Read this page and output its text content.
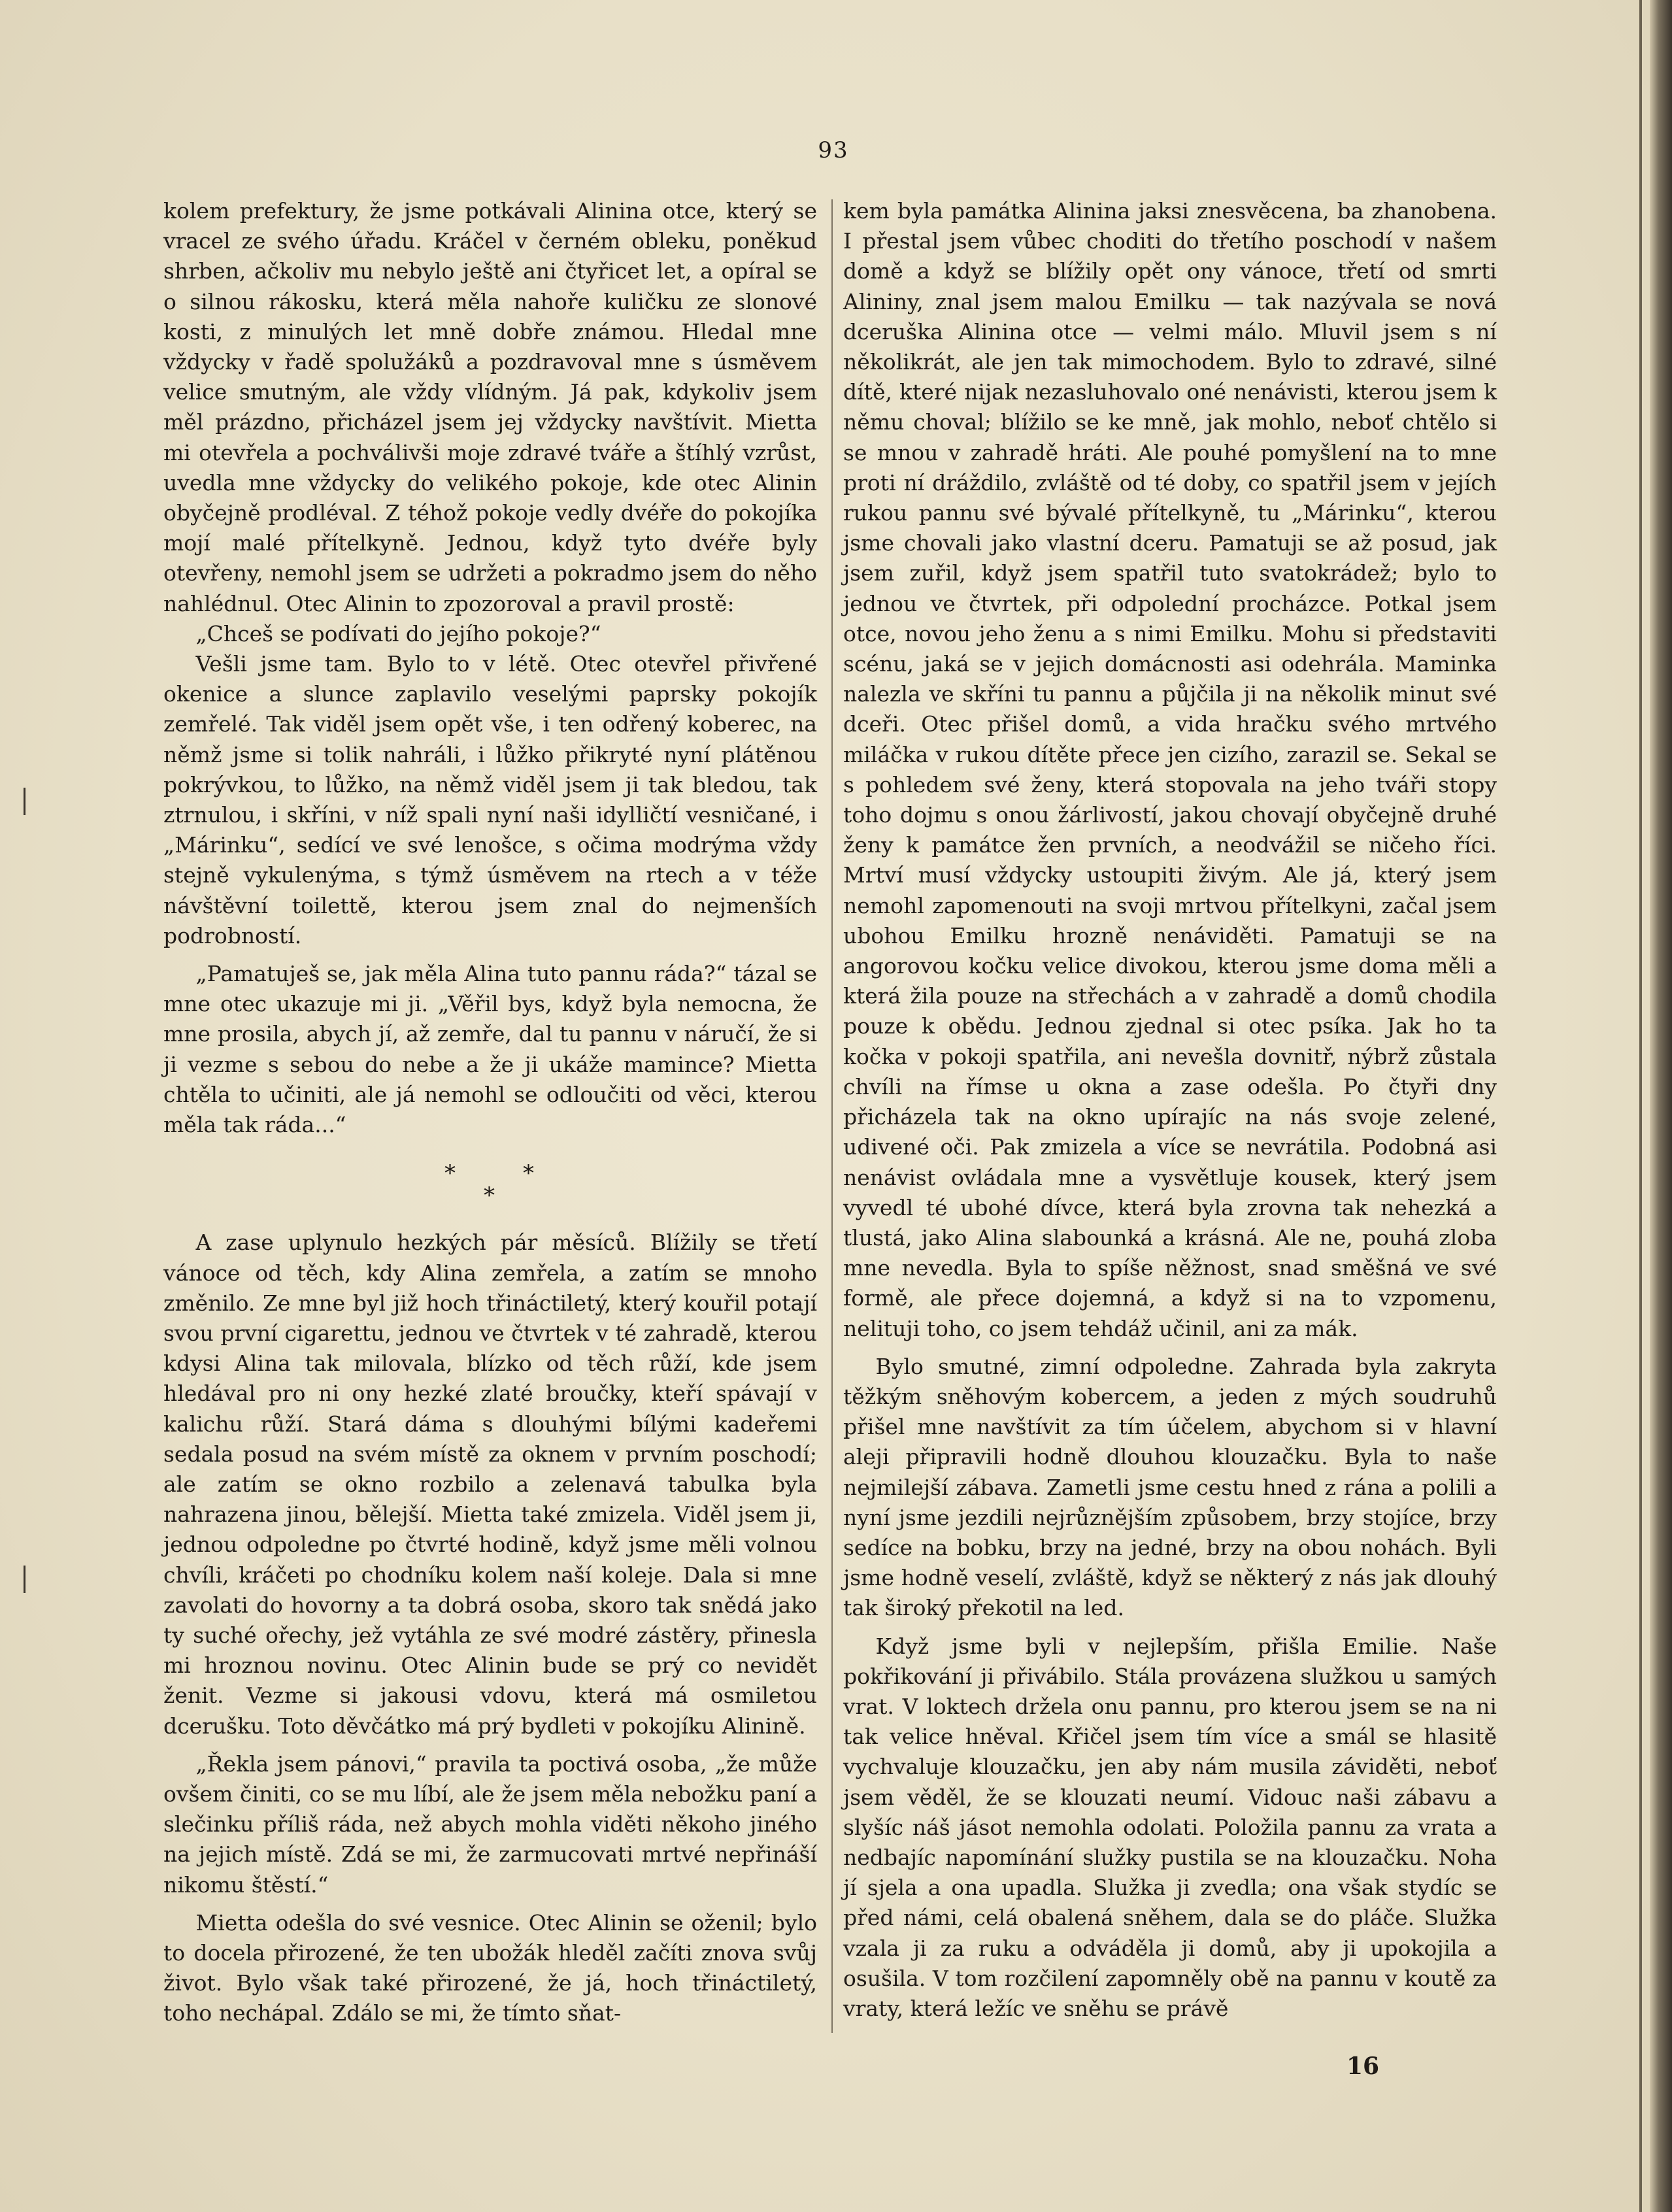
93

kolem prefektury, že jsme potkávali Alinina otce, který se vracel ze svého úřadu. Kráčel v černém obleku, poněkud shrben, ačkoliv mu nebylo ještě ani čtyřicet let, a opíral se o silnou rákosku, která měla nahoře kuličku ze slonové kosti, z minulých let mně dobře známou. Hledal mne vždycky v řadě spolužáků a pozdravoval mne s úsměvem velice smutným, ale vždy vlídným. Já pak, kdykoliv jsem měl prázdno, přicházel jsem jej vždycky navštívit. Mietta mi otevřela a pochválivši moje zdravé tváře a štíhlý vzrůst, uvedla mne vždycky do velikého pokoje, kde otec Alinin obyčejně prodléval. Z téhož pokoje vedly dvéře do pokojíka mojí malé přítelkyně. Jednou, když tyto dvéře byly otevřeny, nemohl jsem se udržeti a pokradmo jsem do něho nahlédnul. Otec Alinin to zpozoroval a pravil prostě:

„Chceš se podívati do jejího pokoje?“

Vešli jsme tam. Bylo to v létě. Otec otevřel přivřené okenice a slunce zaplavilo veselými paprsky pokojík zemřelé. Tak viděl jsem opět vše, i ten odřený koberec, na němž jsme si tolik nahráli, i lůžko přikryté nyní plátěnou pokrývkou, to lůžko, na němž viděl jsem ji tak bledou, tak ztrnulou, i skříni, v níž spali nyní naši idylličtí vesničané, i „Márinku“, sedící ve své lenošce, s očima modrýma vždy stejně vykulenýma, s týmž úsměvem na rtech a v téže návštěvní toilettě, kterou jsem znal do nejmenších podrobností.

„Pamatuješ se, jak měla Alina tuto pannu ráda?“ tázal se mne otec ukazuje mi ji. „Věřil bys, když byla nemocna, že mne prosila, abych jí, až zemře, dal tu pannu v náručí, že si ji vezme s sebou do nebe a že ji ukáže mamince? Mietta chtěla to učiniti, ale já nemohl se odloučiti od věci, kterou měla tak ráda...“

*	*
*

A zase uplynulo hezkých pár měsíců. Blížily se třetí vánoce od těch, kdy Alina zemřela, a zatím se mnoho změnilo. Ze mne byl již hoch třináctiletý, který kouřil potají svou první cigarettu, jednou ve čtvrtek v té zahradě, kterou kdysi Alina tak milovala, blízko od těch růží, kde jsem hledával pro ni ony hezké zlaté broučky, kteří spávají v kalichu růží. Stará dáma s dlouhými bílými kadeřemi sedala posud na svém místě za oknem v prvním poschodí; ale zatím se okno rozbilo a zelenavá tabulka byla nahrazena jinou, bělejší. Mietta také zmizela. Viděl jsem ji, jednou odpoledne po čtvrté hodině, když jsme měli volnou chvíli, kráčeti po chodníku kolem naší koleje. Dala si mne zavolati do hovorny a ta dobrá osoba, skoro tak snědá jako ty suché ořechy, jež vytáhla ze své modré zástěry, přinesla mi hroznou novinu. Otec Alinin bude se prý co nevidět ženit. Vezme si jakousi vdovu, která má osmiletou dcerušku. Toto děvčátko má prý bydleti v pokojíku Alinině.

„Řekla jsem pánovi,“ pravila ta poctivá osoba, „že může ovšem činiti, co se mu líbí, ale že jsem měla nebožku paní a slečinku příliš ráda, než abych mohla viděti někoho jiného na jejich místě. Zdá se mi, že zarmucovati mrtvé nepřináší nikomu štěstí.“

Mietta odešla do své vesnice. Otec Alinin se oženil; bylo to docela přirozené, že ten ubožák hleděl začíti znova svůj život. Bylo však také přirozené, že já, hoch třináctiletý, toho nechápal. Zdálo se mi, že tímto sňat-

kem byla památka Alinina jaksi znesvěcena, ba zhanobena. I přestal jsem vůbec choditi do třetího poschodí v našem domě a když se blížily opět ony vánoce, třetí od smrti Alininy, znal jsem malou Emilku — tak nazývala se nová dceruška Alinina otce — velmi málo. Mluvil jsem s ní několikrát, ale jen tak mimochodem. Bylo to zdravé, silné dítě, které nijak nezasluhovalo oné nenávisti, kterou jsem k němu choval; blížilo se ke mně, jak mohlo, neboť chtělo si se mnou v zahradě hráti. Ale pouhé pomyšlení na to mne proti ní dráždilo, zvláště od té doby, co spatřil jsem v jejích rukou pannu své bývalé přítelkyně, tu „Márinku“, kterou jsme chovali jako vlastní dceru. Pamatuji se až posud, jak jsem zuřil, když jsem spatřil tuto svatokrádež; bylo to jednou ve čtvrtek, při odpolední procházce. Potkal jsem otce, novou jeho ženu a s nimi Emilku. Mohu si představiti scénu, jaká se v jejich domácnosti asi odehrála. Maminka nalezla ve skříni tu pannu a půjčila ji na několik minut své dceři. Otec přišel domů, a vida hračku svého mrtvého miláčka v rukou dítěte přece jen cizího, zarazil se. Sekal se s pohledem své ženy, která stopovala na jeho tváři stopy toho dojmu s onou žárlivostí, jakou chovají obyčejně druhé ženy k památce žen prvních, a neodvážil se ničeho říci. Mrtví musí vždycky ustoupiti živým. Ale já, který jsem nemohl zapomenouti na svoji mrtvou přítelkyni, začal jsem ubohou Emilku hrozně nenáviděti. Pamatuji se na angorovou kočku velice divokou, kterou jsme doma měli a která žila pouze na střechách a v zahradě a domů chodila pouze k obědu. Jednou zjednal si otec psíka. Jak ho ta kočka v pokoji spatřila, ani nevešla dovnitř, nýbrž zůstala chvíli na římse u okna a zase odešla. Po čtyři dny přicházela tak na okno upírajíc na nás svoje zelené, udivené oči. Pak zmizela a více se nevrátila. Podobná asi nenávist ovládala mne a vysvětluje kousek, který jsem vyvedl té ubohé dívce, která byla zrovna tak nehezká a tlustá, jako Alina slabounká a krásná. Ale ne, pouhá zloba mne nevedla. Byla to spíše něžnost, snad směšná ve své formě, ale přece dojemná, a když si na to vzpomenu, nelituji toho, co jsem tehdáž učinil, ani za mák.

Bylo smutné, zimní odpoledne. Zahrada byla zakryta těžkým sněhovým kobercem, a jeden z mých soudruhů přišel mne navštívit za tím účelem, abychom si v hlavní aleji připravili hodně dlouhou klouzačku. Byla to naše nejmilejší zábava. Zametli jsme cestu hned z rána a polili a nyní jsme jezdili nejrůznějším způsobem, brzy stojíce, brzy sedíce na bobku, brzy na jedné, brzy na obou nohách. Byli jsme hodně veselí, zvláště, když se některý z nás jak dlouhý tak široký překotil na led.

Když jsme byli v nejlepším, přišla Emilie. Naše pokřikování ji přivábilo. Stála provázena služkou u samých vrat. V loktech držela onu pannu, pro kterou jsem se na ni tak velice hněval. Křičel jsem tím více a smál se hlasitě vychvaluje klouzačku, jen aby nám musila záviděti, neboť jsem věděl, že se klouzati neumí. Vidouc naši zábavu a slyšíc náš jásot nemohla odolati. Položila pannu za vrata a nedbajíc napomínání služky pustila se na klouzačku. Noha jí sjela a ona upadla. Služka ji zvedla; ona však stydíc se před námi, celá obalená sněhem, dala se do pláče. Služka vzala ji za ruku a odváděla ji domů, aby ji upokojila a osušila. V tom rozčilení zapomněly obě na pannu v koutě za vraty, která ležíc ve sněhu se právě

16
